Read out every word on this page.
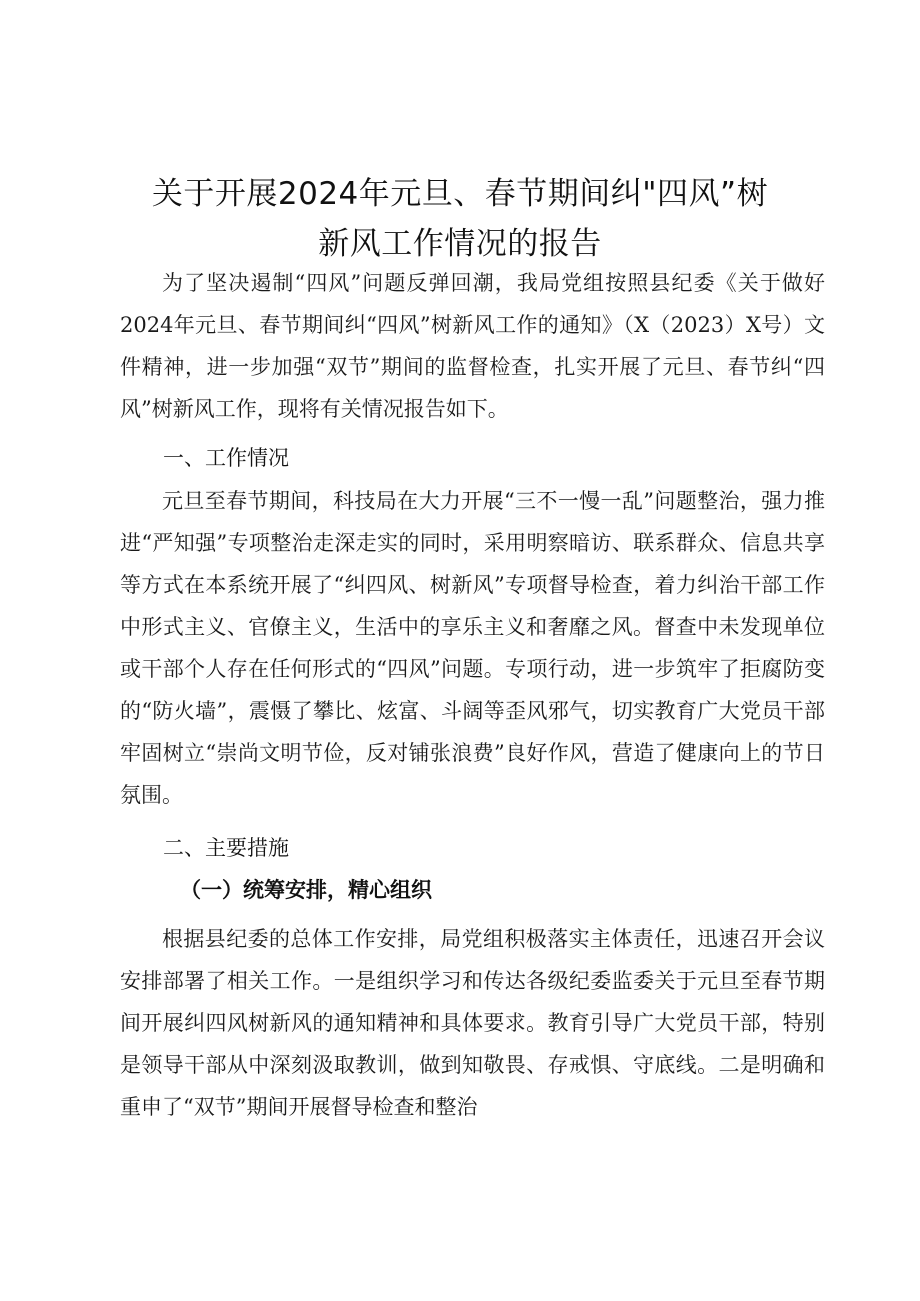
关于开展2024年元旦、春节期间纠"四风”树
新风工作情况的报告

为了坚决遏制“四风”问题反弹回潮，我局党组按照县纪委《关于做好2024年元旦、春节期间纠“四风”树新风工作的通知》（X（2023）X号）文件精神，进一步加强“双节”期间的监督检查，扎实开展了元旦、春节纠“四风”树新风工作，现将有关情况报告如下。

一、工作情况

元旦至春节期间，科技局在大力开展“三不一慢一乱”问题整治，强力推进“严知强”专项整治走深走实的同时，采用明察暗访、联系群众、信息共享等方式在本系统开展了“纠四风、树新风”专项督导检查，着力纠治干部工作中形式主义、官僚主义，生活中的享乐主义和奢靡之风。督查中未发现单位或干部个人存在任何形式的“四风”问题。专项行动，进一步筑牢了拒腐防变的“防火墙”，震慑了攀比、炫富、斗阔等歪风邪气，切实教育广大党员干部牢固树立“崇尚文明节俭，反对铺张浪费”良好作风，营造了健康向上的节日氛围。

二、主要措施
（一）统筹安排，精心组织

根据县纪委的总体工作安排，局党组积极落实主体责任，迅速召开会议安排部署了相关工作。一是组织学习和传达各级纪委监委关于元旦至春节期间开展纠四风树新风的通知精神和具体要求。教育引导广大党员干部，特别是领导干部从中深刻汲取教训，做到知敬畏、存戒惧、守底线。二是明确和重申了“双节”期间开展督导检查和整治
